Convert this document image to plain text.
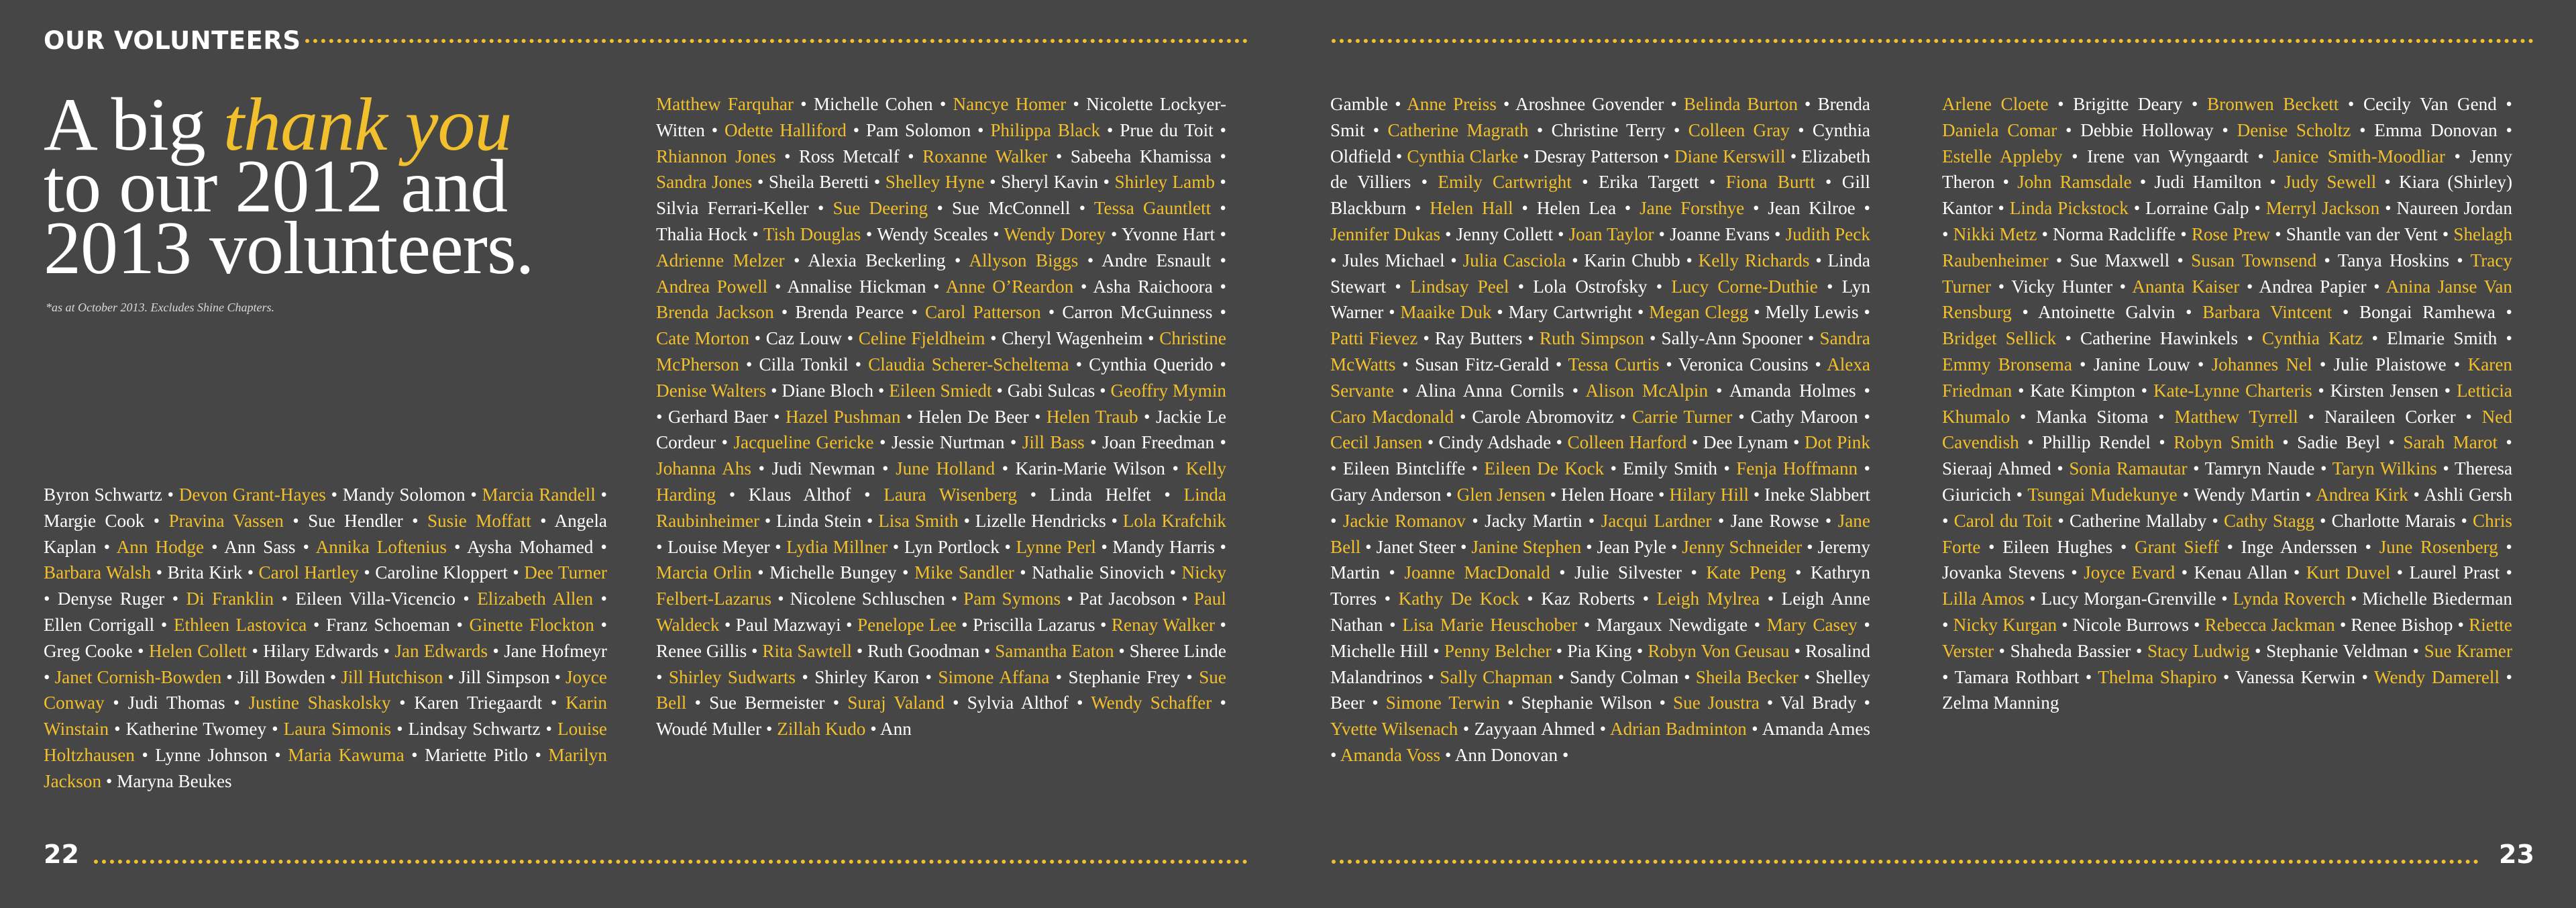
OUR VOLUNTEERS
A big thank you
to our 2012 and
2013 volunteers.
*as at October 2013. Excludes Shine Chapters.
Byron Schwartz • Devon Grant-Hayes • Mandy Solomon • Marcia Randell • Margie Cook • Pravina Vassen • Sue Hendler • Susie Moffatt • Angela Kaplan • Ann Hodge • Ann Sass • Annika Loftenius • Aysha Mohamed • Barbara Walsh • Brita Kirk • Carol Hartley • Caroline Kloppert • Dee Turner • Denyse Ruger • Di Franklin • Eileen Villa-Vicencio • Elizabeth Allen • Ellen Corrigall • Ethleen Lastovica • Franz Schoeman • Ginette Flockton • Greg Cooke • Helen Collett • Hilary Edwards • Jan Edwards • Jane Hofmeyr • Janet Cornish-Bowden • Jill Bowden • Jill Hutchison • Jill Simpson • Joyce Conway • Judi Thomas • Justine Shaskolsky • Karen Triegaardt • Karin Winstain • Katherine Twomey • Laura Simonis • Lindsay Schwartz • Louise Holtzhausen • Lynne Johnson • Maria Kawuma • Mariette Pitlo • Marilyn Jackson • Maryna Beukes
Matthew Farquhar • Michelle Cohen • Nancye Homer • Nicolette Lockyer-Witten • Odette Halliford • Pam Solomon • Philippa Black • Prue du Toit • Rhiannon Jones • Ross Metcalf • Roxanne Walker • Sabeeha Khamissa • Sandra Jones • Sheila Beretti • Shelley Hyne • Sheryl Kavin • Shirley Lamb • Silvia Ferrari-Keller • Sue Deering • Sue McConnell • Tessa Gauntlett • Thalia Hock • Tish Douglas • Wendy Sceales • Wendy Dorey • Yvonne Hart • Adrienne Melzer • Alexia Beckerling • Allyson Biggs • Andre Esnault • Andrea Powell • Annalise Hickman • Anne O’Reardon • Asha Raichoora • Brenda Jackson • Brenda Pearce • Carol Patterson • Carron McGuinness • Cate Morton • Caz Louw • Celine Fjeldheim • Cheryl Wagenheim • Christine McPherson • Cilla Tonkil • Claudia Scherer-Scheltema • Cynthia Querido • Denise Walters • Diane Bloch • Eileen Smiedt • Gabi Sulcas • Geoffry Mymin • Gerhard Baer • Hazel Pushman • Helen De Beer • Helen Traub • Jackie Le Cordeur • Jacqueline Gericke • Jessie Nurtman • Jill Bass • Joan Freedman • Johanna Ahs • Judi Newman • June Holland • Karin-Marie Wilson • Kelly Harding • Klaus Althof • Laura Wisenberg • Linda Helfet • Linda Raubinheimer • Linda Stein • Lisa Smith • Lizelle Hendricks • Lola Krafchik • Louise Meyer • Lydia Millner • Lyn Portlock • Lynne Perl • Mandy Harris • Marcia Orlin • Michelle Bungey • Mike Sandler • Nathalie Sinovich • Nicky Felbert-Lazarus • Nicolene Schluschen • Pam Symons • Pat Jacobson • Paul Waldeck • Paul Mazwayi • Penelope Lee • Priscilla Lazarus • Renay Walker • Renee Gillis • Rita Sawtell • Ruth Goodman • Samantha Eaton • Sheree Linde • Shirley Sudwarts • Shirley Karon • Simone Affana • Stephanie Frey • Sue Bell • Sue Bermeister • Suraj Valand • Sylvia Althof • Wendy Schaffer • Woudé Muller • Zillah Kudo • Ann
Gamble • Anne Preiss • Aroshnee Govender • Belinda Burton • Brenda Smit • Catherine Magrath • Christine Terry • Colleen Gray • Cynthia Oldfield • Cynthia Clarke • Desray Patterson • Diane Kerswill • Elizabeth de Villiers • Emily Cartwright • Erika Targett • Fiona Burtt • Gill Blackburn • Helen Hall • Helen Lea • Jane Forsthye • Jean Kilroe • Jennifer Dukas • Jenny Collett • Joan Taylor • Joanne Evans • Judith Peck • Jules Michael • Julia Casciola • Karin Chubb • Kelly Richards • Linda Stewart • Lindsay Peel • Lola Ostrofsky • Lucy Corne-Duthie • Lyn Warner • Maaike Duk • Mary Cartwright • Megan Clegg • Melly Lewis • Patti Fievez • Ray Butters • Ruth Simpson • Sally-Ann Spooner • Sandra McWatts • Susan Fitz-Gerald • Tessa Curtis • Veronica Cousins • Alexa Servante • Alina Anna Cornils • Alison McAlpin • Amanda Holmes • Caro Macdonald • Carole Abromovitz • Carrie Turner • Cathy Maroon • Cecil Jansen • Cindy Adshade • Colleen Harford • Dee Lynam • Dot Pink • Eileen Bintcliffe • Eileen De Kock • Emily Smith • Fenja Hoffmann • Gary Anderson • Glen Jensen • Helen Hoare • Hilary Hill • Ineke Slabbert • Jackie Romanov • Jacky Martin • Jacqui Lardner • Jane Rowse • Jane Bell • Janet Steer • Janine Stephen • Jean Pyle • Jenny Schneider • Jeremy Martin • Joanne MacDonald • Julie Silvester • Kate Peng • Kathryn Torres • Kathy De Kock • Kaz Roberts • Leigh Mylrea • Leigh Anne Nathan • Lisa Marie Heuschober • Margaux Newdigate • Mary Casey • Michelle Hill • Penny Belcher • Pia King • Robyn Von Geusau • Rosalind Malandrinos • Sally Chapman • Sandy Colman • Sheila Becker • Shelley Beer • Simone Terwin • Stephanie Wilson • Sue Joustra • Val Brady • Yvette Wilsenach • Zayyaan Ahmed • Adrian Badminton • Amanda Ames • Amanda Voss • Ann Donovan •
Arlene Cloete • Brigitte Deary • Bronwen Beckett • Cecily Van Gend • Daniela Comar • Debbie Holloway • Denise Scholtz • Emma Donovan • Estelle Appleby • Irene van Wyngaardt • Janice Smith-Moodliar • Jenny Theron • John Ramsdale • Judi Hamilton • Judy Sewell • Kiara (Shirley) Kantor • Linda Pickstock • Lorraine Galp • Merryl Jackson • Naureen Jordan • Nikki Metz • Norma Radcliffe • Rose Prew • Shantle van der Vent • Shelagh Raubenheimer • Sue Maxwell • Susan Townsend • Tanya Hoskins • Tracy Turner • Vicky Hunter • Ananta Kaiser • Andrea Papier • Anina Janse Van Rensburg • Antoinette Galvin • Barbara Vintcent • Bongai Ramhewa • Bridget Sellick • Catherine Hawinkels • Cynthia Katz • Elmarie Smith • Emmy Bronsema • Janine Louw • Johannes Nel • Julie Plaistowe • Karen Friedman • Kate Kimpton • Kate-Lynne Charteris • Kirsten Jensen • Letticia Khumalo • Manka Sitoma • Matthew Tyrrell • Naraileen Corker • Ned Cavendish • Phillip Rendel • Robyn Smith • Sadie Beyl • Sarah Marot • Sieraaj Ahmed • Sonia Ramautar • Tamryn Naude • Taryn Wilkins • Theresa Giuricich • Tsungai Mudekunye • Wendy Martin • Andrea Kirk • Ashli Gersh • Carol du Toit • Catherine Mallaby • Cathy Stagg • Charlotte Marais • Chris Forte • Eileen Hughes • Grant Sieff • Inge Anderssen • June Rosenberg • Jovanka Stevens • Joyce Evard • Kenau Allan • Kurt Duvel • Laurel Prast • Lilla Amos • Lucy Morgan-Grenville • Lynda Roverch • Michelle Biederman • Nicky Kurgan • Nicole Burrows • Rebecca Jackman • Renee Bishop • Riette Verster • Shaheda Bassier • Stacy Ludwig • Stephanie Veldman • Sue Kramer • Tamara Rothbart • Thelma Shapiro • Vanessa Kerwin • Wendy Damerell • Zelma Manning
22	23
